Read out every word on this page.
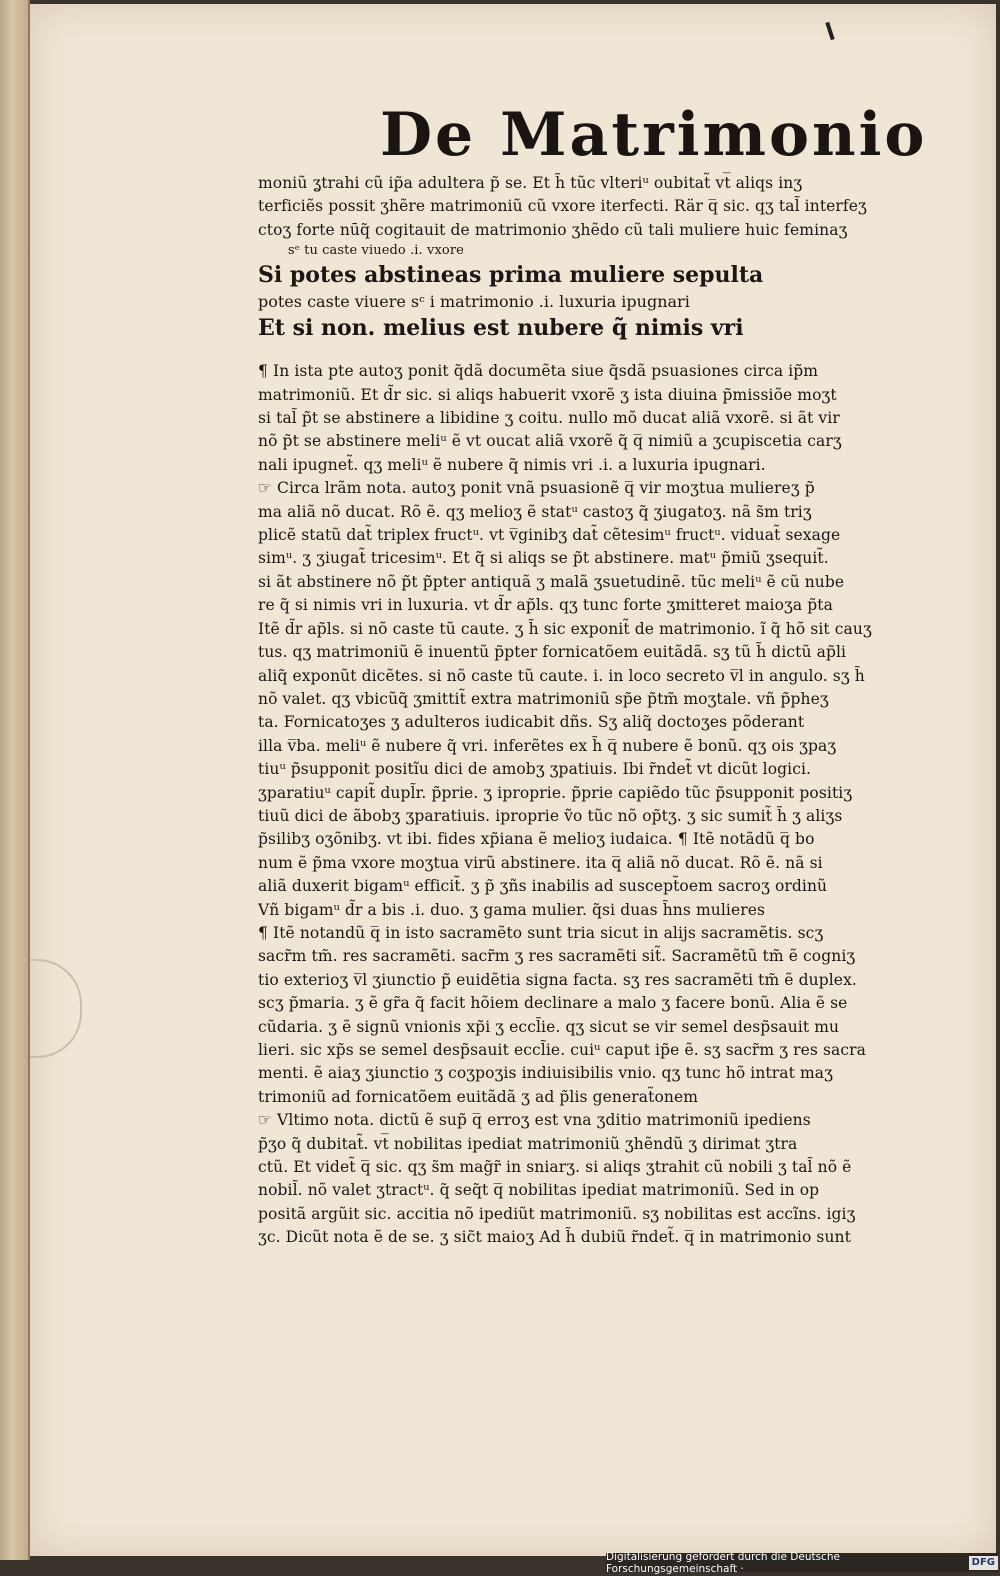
De Matrimonio
moniũ ʓtrahi cũ ip̃a adultera p̃ se. Et h̃ tũc vlteriᵘ oubitat̃ vt̅ aliqs inʒ
terficiẽs possit ʒhẽre matrimoniũ cũ vxore iterfecti. Rär q̅ sic. qʒ tal̃ interfeʒ
ctoʒ forte nūq̃ cogitauit de matrimonio ʒhẽdo cũ tali muliere huic feminaʒ
sᵉ tu caste viuedo .i. vxore
Si potes abstineas prima muliere sepulta
potes caste viuere sᶜ i matrimonio .i. luxuria ipugnari
Et si non. melius est nubere q̃ nimis vri
¶ In ista pte autoʒ ponit q̃dã documẽta siue q̃sdã psuasiones circa ip̃m
matrimoniũ. Et d̃r sic. si aliqs habuerit vxorẽ ʒ ista diuina p̃missiõe moʒt
si tal̃ p̃t se abstinere a libidine ʒ coitu. nullo mõ ducat aliã vxorẽ. si ãt vir
nõ p̃t se abstinere meliᵘ ẽ vt oucat aliã vxorẽ q̃ q̅ nimiũ a ʒcupiscetia carʒ
nali ipugnet̃. qʒ meliᵘ ẽ nubere q̃ nimis vri .i. a luxuria ipugnari.
☞ Circa lrãm nota. autoʒ ponit vnã psuasionẽ q̅ vir moʒtua muliereʒ p̃
ma aliã nõ ducat. Rõ ẽ. qʒ melioʒ ẽ statᵘ castoʒ q̃ ʒiugatoʒ. nã s̃m triʒ
plicẽ statũ dat̃ triplex fructᵘ. vt v̅ginibʒ dat̃ cẽtesimᵘ fructᵘ. viduat̃ sexage
simᵘ. ʒ ʒiugat̃ tricesimᵘ. Et q̃ si aliqs se p̃t abstinere. matᵘ p̃miũ ʒsequit̃.
si ãt abstinere nõ p̃t p̃pter antiquã ʒ malã ʒsuetudinẽ. tũc meliᵘ ẽ cũ nube
re q̃ si nimis vri in luxuria. vt d̃r ap̃ls. qʒ tunc forte ʒmitteret maioʒa p̃ta
Itẽ d̃r ap̃ls. si nõ caste tũ caute. ʒ h̃ sic exponit̃ de matrimonio. ĩ q̃ hõ sit cauʒ
tus. qʒ matrimoniũ ẽ inuentũ p̃pter fornicatõem euitãdã. sʒ tũ h̃ dictũ ap̃li
aliq̃ exponũt dicẽtes. si nõ caste tũ caute. i. in loco secreto v̅l in angulo. sʒ h̃
nõ valet. qʒ vbicũq̃ ʒmittit̃ extra matrimoniũ sp̃e p̃tm̃ moʒtale. vñ p̃pheʒ
ta. Fornicatoʒes ʒ adulteros iudicabit dñs. Sʒ aliq̃ doctoʒes põderant
illa v̅ba. meliᵘ ẽ nubere q̃ vri. inferẽtes ex h̃ q̅ nubere ẽ bonũ. qʒ ois ʒpaʒ
tiuᵘ p̃supponit positĩu dici de amobʒ ʒpatiuis. Ibi r̃ndet̃ vt dicũt logici.
ʒparatiuᵘ capit̃ dupl̃r. p̃prie. ʒ iproprie. p̃prie capiẽdo tũc p̃supponit positiʒ
tiuũ dici de ãbobʒ ʒparatiuis. iproprie ṽo tũc nõ op̃tʒ. ʒ sic sumit̃ h̃ ʒ aliʒs
p̃silibʒ oʒõnibʒ. vt ibi. fides xp̃iana ẽ melioʒ iudaica. ¶ Itẽ notãdũ q̅ bo
num ẽ p̃ma vxore moʒtua virũ abstinere. ita q̅ aliã nõ ducat. Rõ ẽ. nã si
aliã duxerit bigamᵘ efficit̃. ʒ p̃ ʒñs inabilis ad suscept̃oem sacroʒ ordinũ
Vñ bigamᵘ d̃r a bis .i. duo. ʒ gama mulier. q̃si duas h̃ns mulieres
¶ Itẽ notandũ q̅ in isto sacramẽto sunt tria sicut in alijs sacramẽtis. scʒ
sacr̃m tm̃. res sacramẽti. sacr̃m ʒ res sacramẽti sit̃. Sacramẽtũ tm̃ ẽ cogniʒ
tio exterioʒ v̅l ʒiunctio p̃ euidẽtia signa facta. sʒ res sacramẽti tm̃ ẽ duplex.
scʒ p̃maria. ʒ ẽ gr̃a q̃ facit hõiem declinare a malo ʒ facere bonũ. Alia ẽ se
cũdaria. ʒ ẽ signũ vnionis xp̃i ʒ eccl̃ie. qʒ sicut se vir semel desp̃sauit mu
lieri. sic xp̃s se semel desp̃sauit eccl̃ie. cuiᵘ caput ip̃e ẽ. sʒ sacr̃m ʒ res sacra
menti. ẽ aiaʒ ʒiunctio ʒ coʒpoʒis indiuisibilis vnio. qʒ tunc hõ intrat maʒ
trimoniũ ad fornicatõem euitãdã ʒ ad p̃lis generat̃onem
☞ Vltimo nota. dictũ ẽ sup̃ q̅ erroʒ est vna ʒditio matrimoniũ ipediens
p̃ʒo q̃ dubitat̃. vt̅ nobilitas ipediat matrimoniũ ʒhẽndũ ʒ dirimat ʒtra
ctũ. Et videt̃ q̅ sic. qʒ s̃m mag̃r̃ in sniarʒ. si aliqs ʒtrahit cũ nobili ʒ tal̃ nõ ẽ
nobil̃. nõ valet ʒtractᵘ. q̃ seq̃t q̅ nobilitas ipediat matrimoniũ. Sed in op
positã argũit sic. accitia nõ ipediũt matrimoniũ. sʒ nobilitas est accĩns. igiʒ
ʒc. Dicũt nota ẽ de se. ʒ sic̃t maioʒ Ad h̃ dubiũ r̃ndet̃. q̅ in matrimonio sunt
Digitalisierung gefördert durch die Deutsche Forschungsgemeinschaft ·
DFG
